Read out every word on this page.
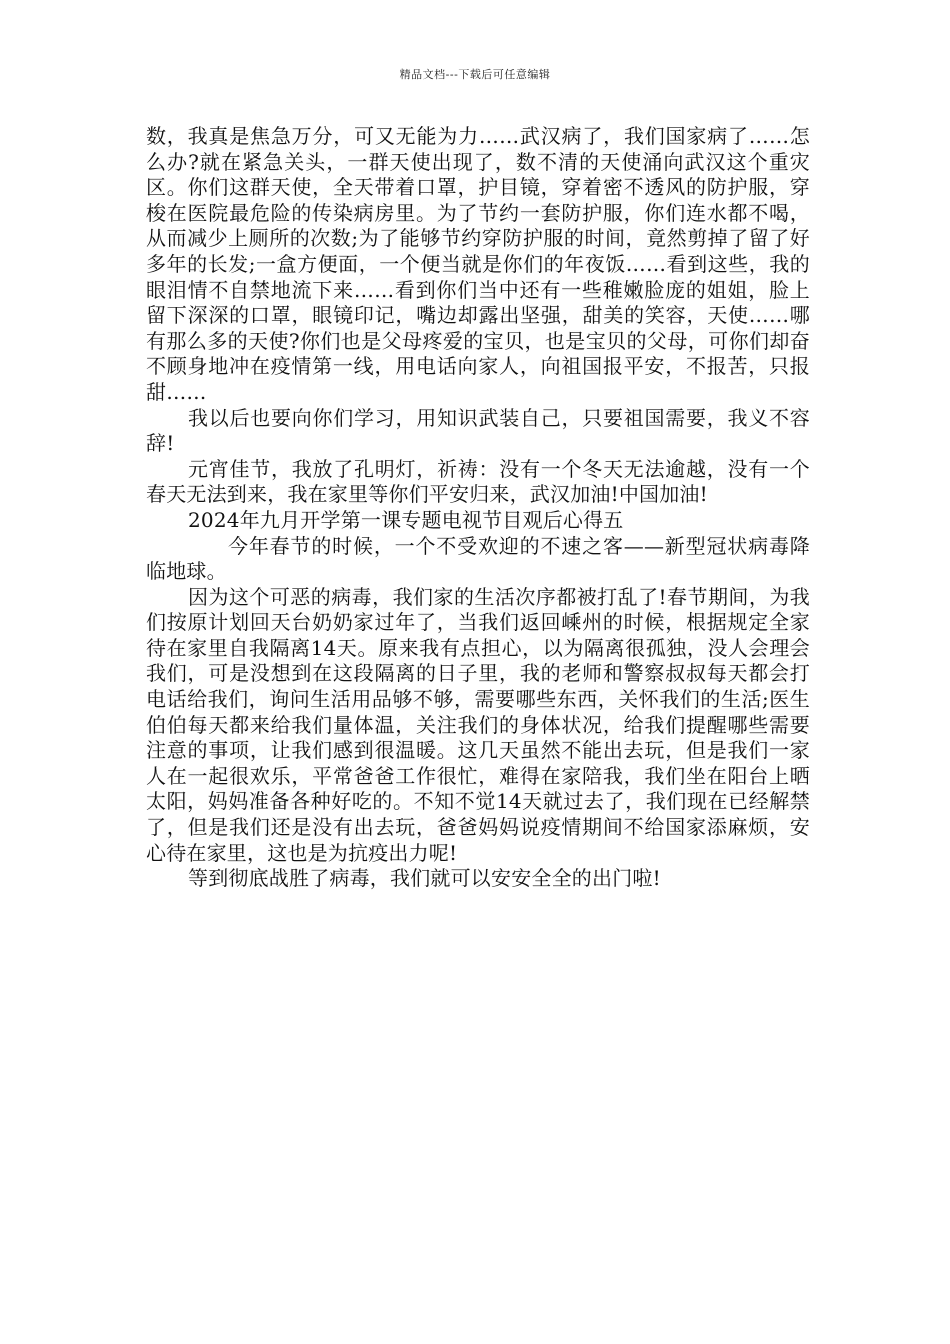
精品文档---下载后可任意编辑

数，我真是焦急万分，可又无能为力……武汉病了，我们国家病了……怎么办?就在紧急关头，一群天使出现了，数不清的天使涌向武汉这个重灾区。你们这群天使，全天带着口罩，护目镜，穿着密不透风的防护服，穿梭在医院最危险的传染病房里。为了节约一套防护服，你们连水都不喝，从而减少上厕所的次数;为了能够节约穿防护服的时间，竟然剪掉了留了好多年的长发;一盒方便面，一个便当就是你们的年夜饭……看到这些，我的眼泪情不自禁地流下来……看到你们当中还有一些稚嫩脸庞的姐姐，脸上留下深深的口罩，眼镜印记，嘴边却露出坚强，甜美的笑容，天使……哪有那么多的天使?你们也是父母疼爱的宝贝，也是宝贝的父母，可你们却奋不顾身地冲在疫情第一线，用电话向家人，向祖国报平安，不报苦，只报甜……

我以后也要向你们学习，用知识武装自己，只要祖国需要，我义不容辞!

元宵佳节，我放了孔明灯，祈祷：没有一个冬天无法逾越，没有一个春天无法到来，我在家里等你们平安归来，武汉加油!中国加油!

2024年九月开学第一课专题电视节目观后心得五

今年春节的时候，一个不受欢迎的不速之客——新型冠状病毒降临地球。

因为这个可恶的病毒，我们家的生活次序都被打乱了!春节期间，为我们按原计划回天台奶奶家过年了，当我们返回嵊州的时候，根据规定全家待在家里自我隔离14天。原来我有点担心，以为隔离很孤独，没人会理会我们，可是没想到在这段隔离的日子里，我的老师和警察叔叔每天都会打电话给我们，询问生活用品够不够，需要哪些东西，关怀我们的生活;医生伯伯每天都来给我们量体温，关注我们的身体状况，给我们提醒哪些需要注意的事项，让我们感到很温暖。这几天虽然不能出去玩，但是我们一家人在一起很欢乐，平常爸爸工作很忙，难得在家陪我，我们坐在阳台上晒太阳，妈妈准备各种好吃的。不知不觉14天就过去了，我们现在已经解禁了，但是我们还是没有出去玩，爸爸妈妈说疫情期间不给国家添麻烦，安心待在家里，这也是为抗疫出力呢!

等到彻底战胜了病毒，我们就可以安安全全的出门啦!
